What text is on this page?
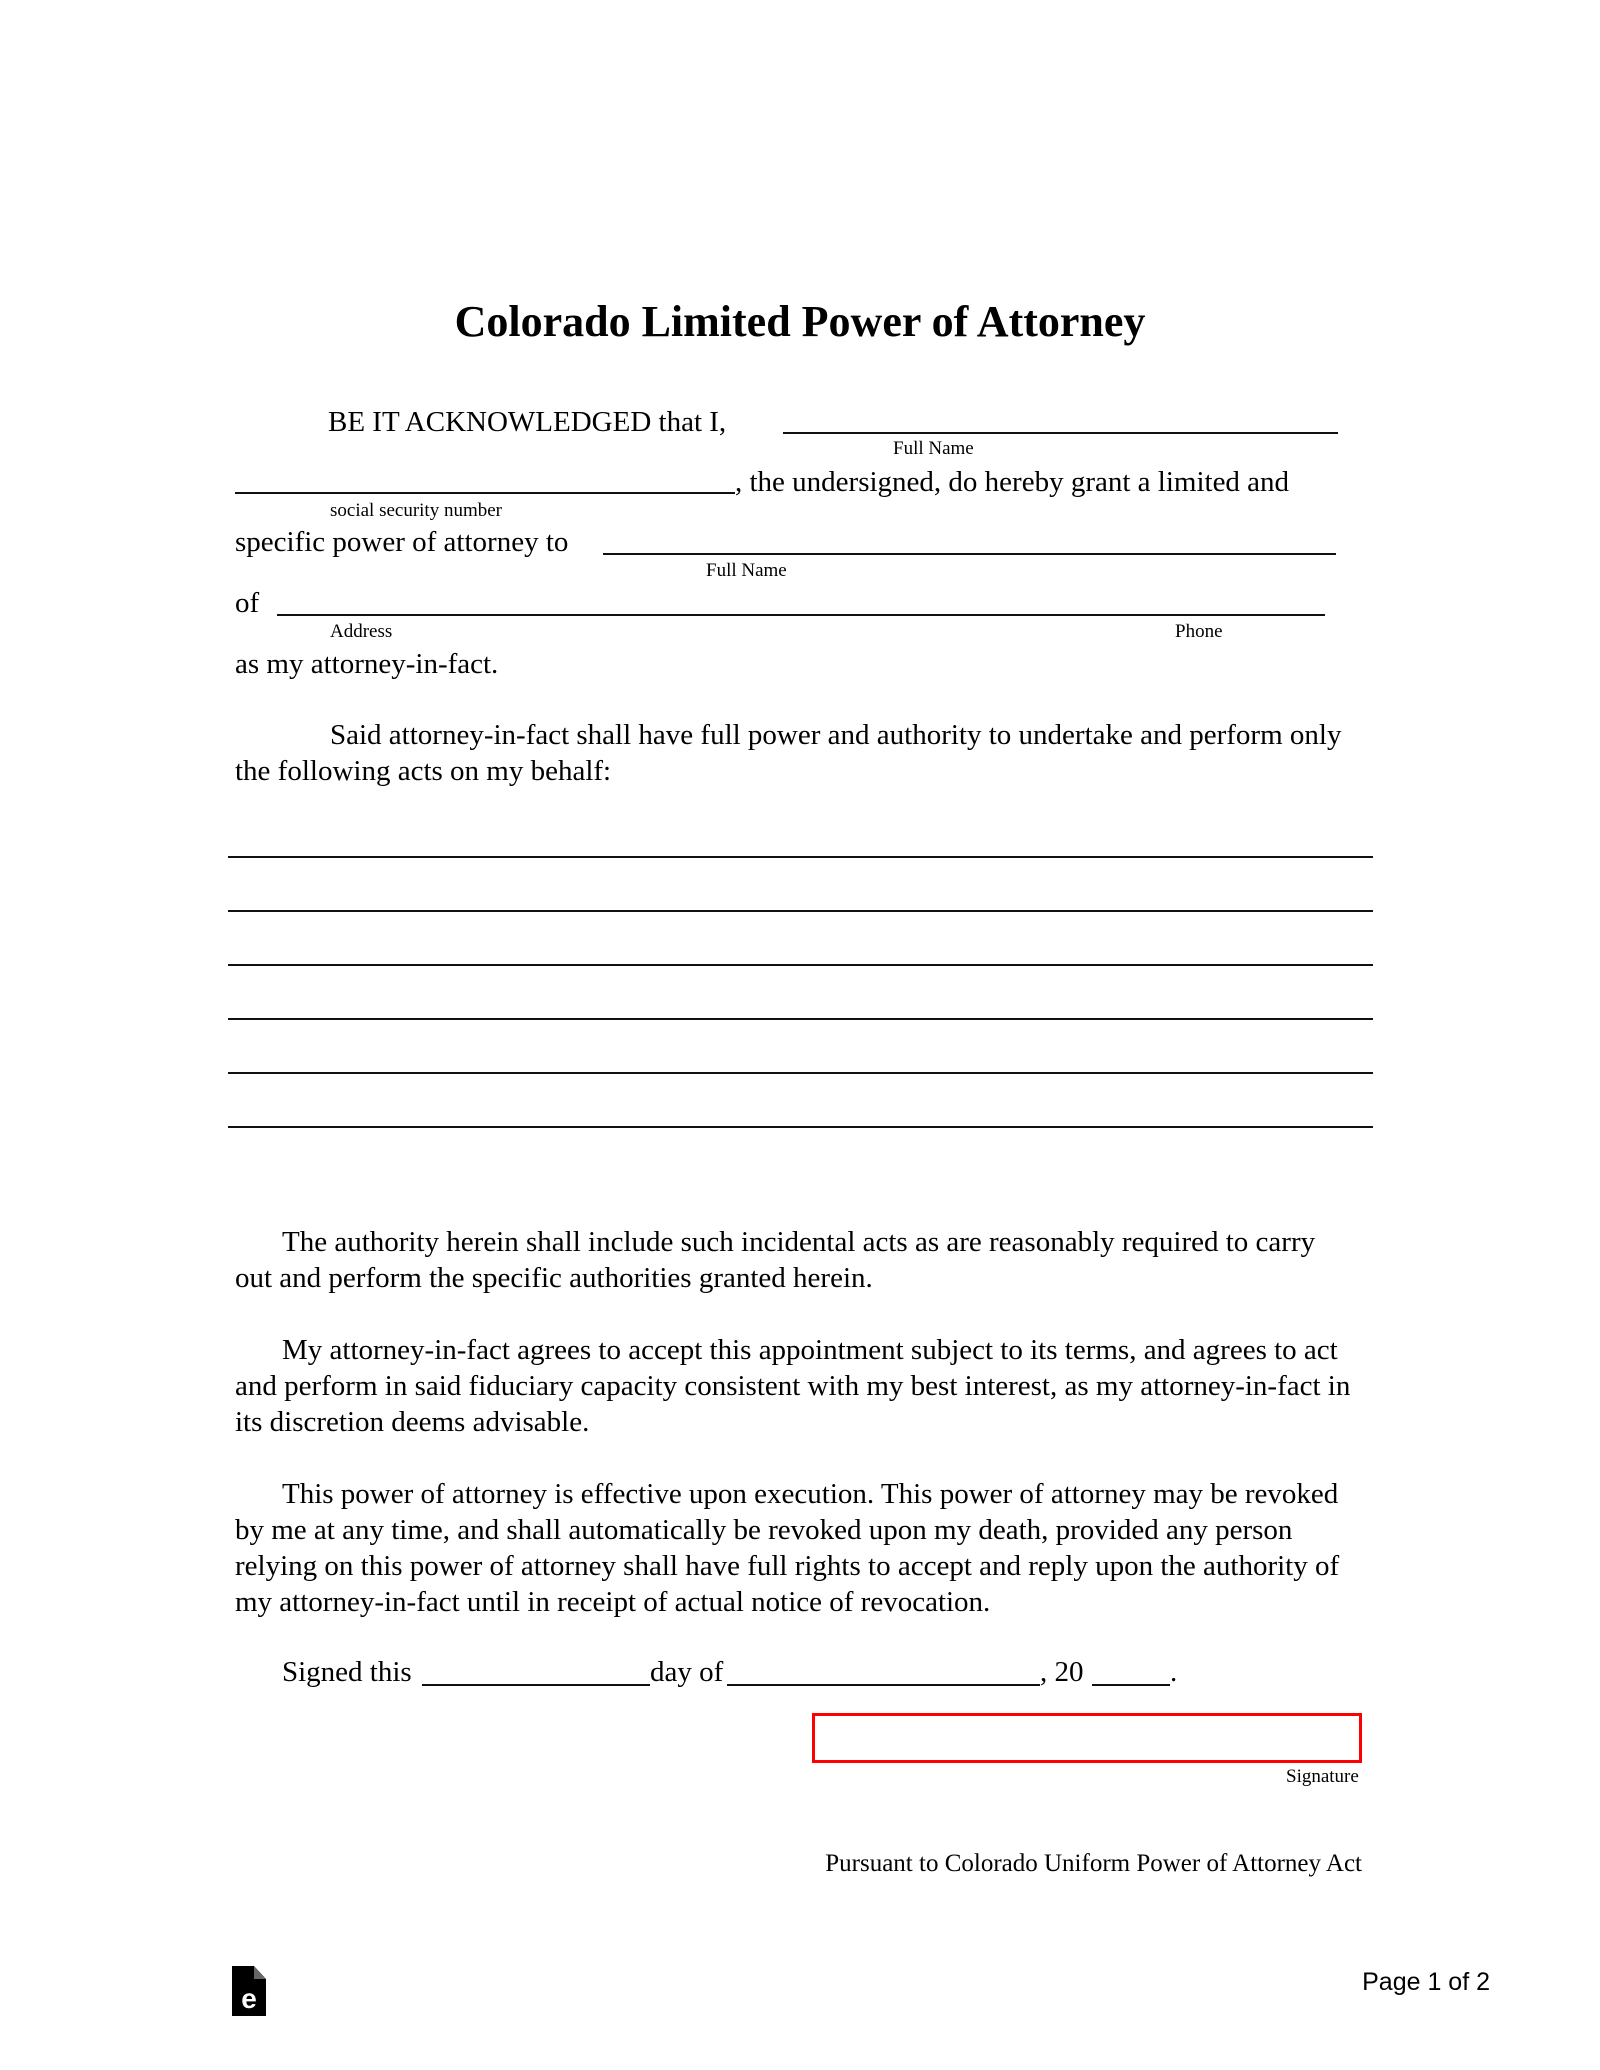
Colorado Limited Power of Attorney
BE IT ACKNOWLEDGED that I,
Full Name
, the undersigned, do hereby grant a limited and
social security number
specific power of attorney to
Full Name
of
Address	Phone
as my attorney-in-fact.
Said attorney-in-fact shall have full power and authority to undertake and perform only the following acts on my behalf:
The authority herein shall include such incidental acts as are reasonably required to carry out and perform the specific authorities granted herein.
My attorney-in-fact agrees to accept this appointment subject to its terms, and agrees to act and perform in said fiduciary capacity consistent with my best interest, as my attorney-in-fact in its discretion deems advisable.
This power of attorney is effective upon execution. This power of attorney may be revoked by me at any time, and shall automatically be revoked upon my death, provided any person relying on this power of attorney shall have full rights to accept and reply upon the authority of my attorney-in-fact until in receipt of actual notice of revocation.
Signed this	day of	, 20	.
Signature
Pursuant to Colorado Uniform Power of Attorney Act
e
Page 1 of 2
